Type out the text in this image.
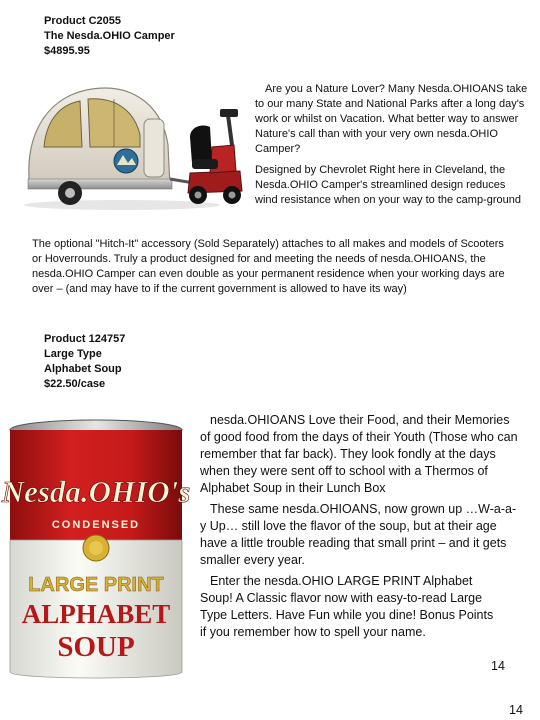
Product C2055
The Nesda.OHIO Camper
$4895.95

Are you a Nature Lover? Many Nesda.OHIOANS take to our many State and National Parks after a long day's work or whilst on Vacation. What better way to answer Nature's call than with your very own nesda.OHIO Camper?

Designed by Chevrolet Right here in Cleveland, the Nesda.OHIO Camper's streamlined design reduces wind resistance when on your way to the camp-ground

The optional "Hitch-It" accessory (Sold Separately) attaches to all makes and models of Scooters or Hoverrounds. Truly a product designed for and meeting the needs of nesda.OHIOANS, the nesda.OHIO Camper can even double as your permanent residence when your working days are over – (and may have to if the current government is allowed to have its way)

Product 124757
Large Type
Alphabet Soup
$22.50/case
Nesda.OHIO's
CONDENSED
LARGE PRINT
ALPHABET
SOUP

nesda.OHIOANS Love their Food, and their Memories of good food from the days of their Youth (Those who can remember that far back). They look fondly at the days when they were sent off to school with a Thermos of Alphabet Soup in their Lunch Box

These same nesda.OHIOANS, now grown up …W-a-a-y Up… still love the flavor of the soup, but at their age have a little trouble reading that small print – and it gets smaller every year.

Enter the nesda.OHIO LARGE PRINT Alphabet Soup! A Classic flavor now with easy-to-read Large Type Letters. Have Fun while you dine! Bonus Points if you remember how to spell your name.

14
14
